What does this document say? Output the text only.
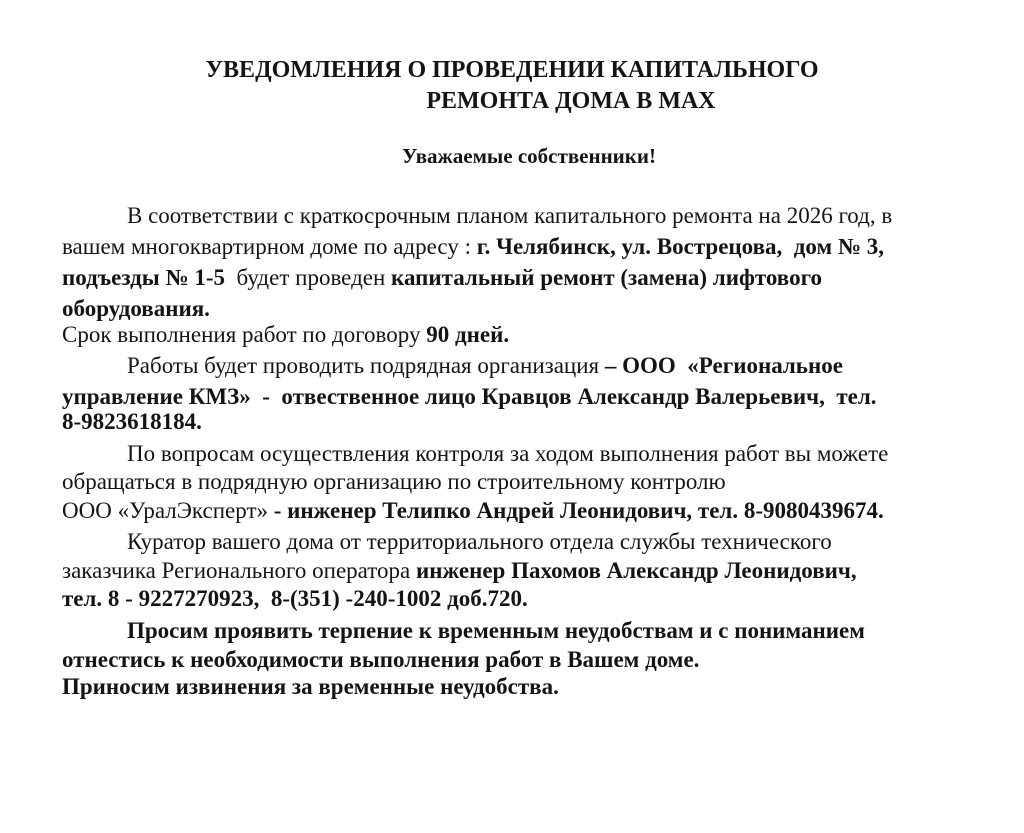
УВЕДОМЛЕНИЯ О ПРОВЕДЕНИИ КАПИТАЛЬНОГО
РЕМОНТА ДОМА В МАХ
Уважаемые собственники!
В соответствии с краткосрочным планом капитального ремонта на 2026 год, в
вашем многоквартирном доме по адресу : г. Челябинск, ул. Вострецова,  дом № 3,
подъезды № 1-5  будет проведен капитальный ремонт (замена) лифтового
оборудования.
Срок выполнения работ по договору 90 дней.
Работы будет проводить подрядная организация – ООО  «Региональное
управление КМЗ»  -  отвественное лицо Кравцов Александр Валерьевич,  тел.
8-9823618184.
По вопросам осуществления контроля за ходом выполнения работ вы можете
обращаться в подрядную организацию по строительному контролю
ООО «УралЭксперт» - инженер Телипко Андрей Леонидович, тел. 8-9080439674.
Куратор вашего дома от территориального отдела службы технического
заказчика Регионального оператора инженер Пахомов Александр Леонидович,
тел. 8 - 9227270923,  8-(351) -240-1002 доб.720.
Просим проявить терпение к временным неудобствам и с пониманием
отнестись к необходимости выполнения работ в Вашем доме.
Приносим извинения за временные неудобства.
